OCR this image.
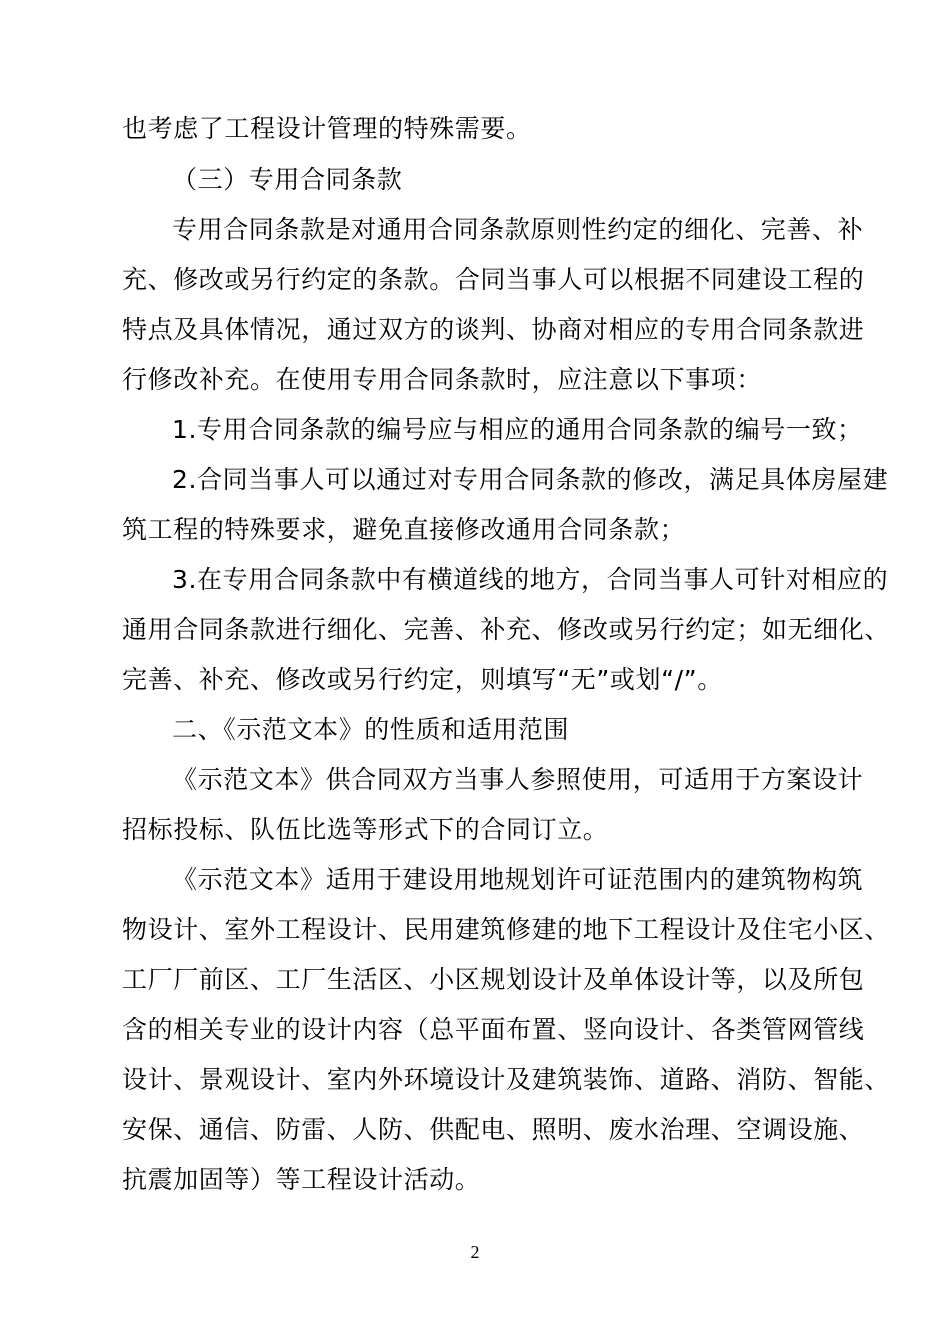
也考虑了工程设计管理的特殊需要。
（三）专用合同条款
专用合同条款是对通用合同条款原则性约定的细化、完善、补
充、修改或另行约定的条款。合同当事人可以根据不同建设工程的
特点及具体情况，通过双方的谈判、协商对相应的专用合同条款进
行修改补充。在使用专用合同条款时，应注意以下事项：
1.专用合同条款的编号应与相应的通用合同条款的编号一致；
2.合同当事人可以通过对专用合同条款的修改，满足具体房屋建
筑工程的特殊要求，避免直接修改通用合同条款；
3.在专用合同条款中有横道线的地方，合同当事人可针对相应的
通用合同条款进行细化、完善、补充、修改或另行约定；如无细化、
完善、补充、修改或另行约定，则填写“无”或划“/”。
二、《示范文本》的性质和适用范围
《示范文本》供合同双方当事人参照使用，可适用于方案设计
招标投标、队伍比选等形式下的合同订立。
《示范文本》适用于建设用地规划许可证范围内的建筑物构筑
物设计、室外工程设计、民用建筑修建的地下工程设计及住宅小区、
工厂厂前区、工厂生活区、小区规划设计及单体设计等，以及所包
含的相关专业的设计内容（总平面布置、竖向设计、各类管网管线
设计、景观设计、室内外环境设计及建筑装饰、道路、消防、智能、
安保、通信、防雷、人防、供配电、照明、废水治理、空调设施、
抗震加固等）等工程设计活动。
2
